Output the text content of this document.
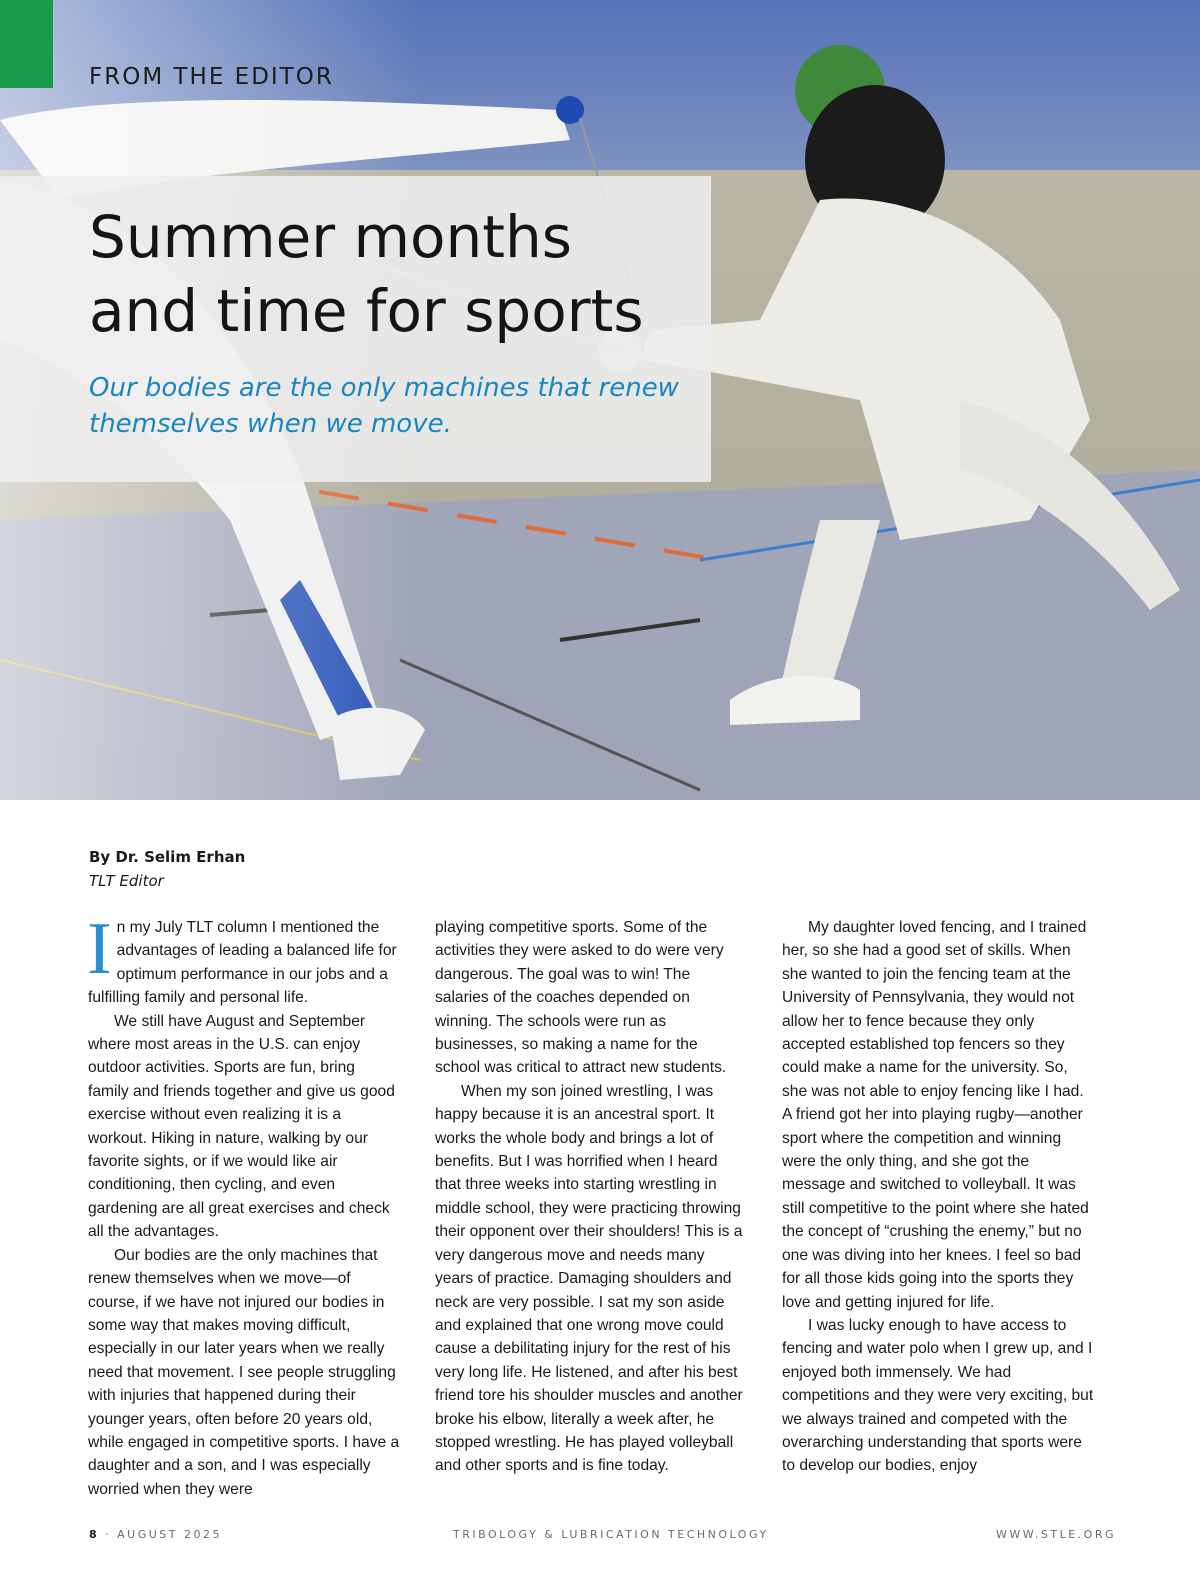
FROM THE EDITOR
Summer months and time for sports

Our bodies are the only machines that renew themselves when we move.

By Dr. Selim Erhan
TLT Editor

In my July TLT column I mentioned the advantages of leading a balanced life for optimum performance in our jobs and a fulfilling family and personal life.

We still have August and September where most areas in the U.S. can enjoy outdoor activities. Sports are fun, bring family and friends together and give us good exercise without even realizing it is a workout. Hiking in nature, walking by our favorite sights, or if we would like air conditioning, then cycling, and even gardening are all great exercises and check all the advantages.

Our bodies are the only machines that renew themselves when we move—of course, if we have not injured our bodies in some way that makes moving difficult, especially in our later years when we really need that movement. I see people struggling with injuries that happened during their younger years, often before 20 years old, while engaged in competitive sports. I have a daughter and a son, and I was especially worried when they were

playing competitive sports. Some of the activities they were asked to do were very dangerous. The goal was to win! The salaries of the coaches depended on winning. The schools were run as businesses, so making a name for the school was critical to attract new students.

When my son joined wrestling, I was happy because it is an ancestral sport. It works the whole body and brings a lot of benefits. But I was horrified when I heard that three weeks into starting wrestling in middle school, they were practicing throwing their opponent over their shoulders! This is a very dangerous move and needs many years of practice. Damaging shoulders and neck are very possible. I sat my son aside and explained that one wrong move could cause a debilitating injury for the rest of his very long life. He listened, and after his best friend tore his shoulder muscles and another broke his elbow, literally a week after, he stopped wrestling. He has played volleyball and other sports and is fine today.

My daughter loved fencing, and I trained her, so she had a good set of skills. When she wanted to join the fencing team at the University of Pennsylvania, they would not allow her to fence because they only accepted established top fencers so they could make a name for the university. So, she was not able to enjoy fencing like I had. A friend got her into playing rugby—another sport where the competition and winning were the only thing, and she got the message and switched to volleyball. It was still competitive to the point where she hated the concept of “crushing the enemy,” but no one was diving into her knees. I feel so bad for all those kids going into the sports they love and getting injured for life.

I was lucky enough to have access to fencing and water polo when I grew up, and I enjoyed both immensely. We had competitions and they were very exciting, but we always trained and competed with the overarching understanding that sports were to develop our bodies, enjoy

8 · AUGUST 2025	TRIBOLOGY & LUBRICATION TECHNOLOGY	WWW.STLE.ORG
